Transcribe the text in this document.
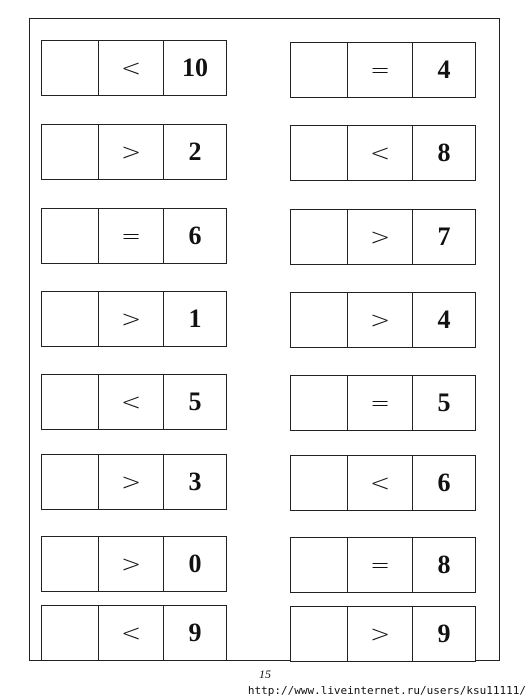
<	10
>	2
=	6
>	1
<	5
>	3
>	0
<	9
=	4
<	8
>	7
>	4
=	5
<	6
=	8
>	9
15
http://www.liveinternet.ru/users/ksu11111/
